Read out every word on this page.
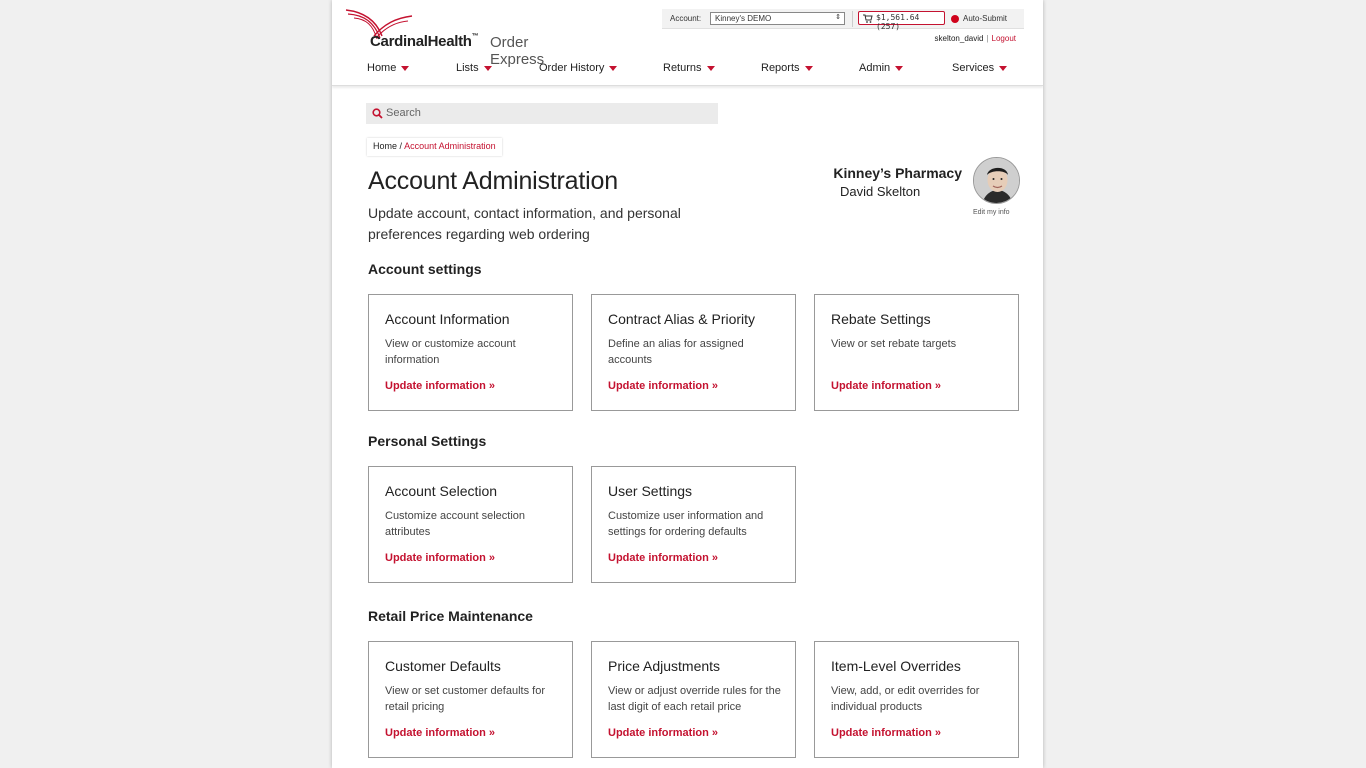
CardinalHealth™ Order Express
Account:	Kinney's DEMO	⇕	$1,561.64 (257)
Auto-Submit
skelton_david | Logout
Home	Lists	Order History	Returns	Reports	Admin	Services
Search
Home / Account Administration
Account Administration

Update account, contact information, and personal preferences regarding web ordering

Kinney’s Pharmacy
David Skelton
Edit my info
Account settings
Account Information
View or customize account information
Update information »
Contract Alias & Priority
Define an alias for assigned accounts
Update information »
Rebate Settings
View or set rebate targets
Update information »
Personal Settings
Account Selection
Customize account selection attributes
Update information »
User Settings
Customize user information and settings for ordering defaults
Update information »
Retail Price Maintenance
Customer Defaults
View or set customer defaults for retail pricing
Update information »
Price Adjustments
View or adjust override rules for the last digit of each retail price
Update information »
Item-Level Overrides
View, add, or edit overrides for individual products
Update information »
